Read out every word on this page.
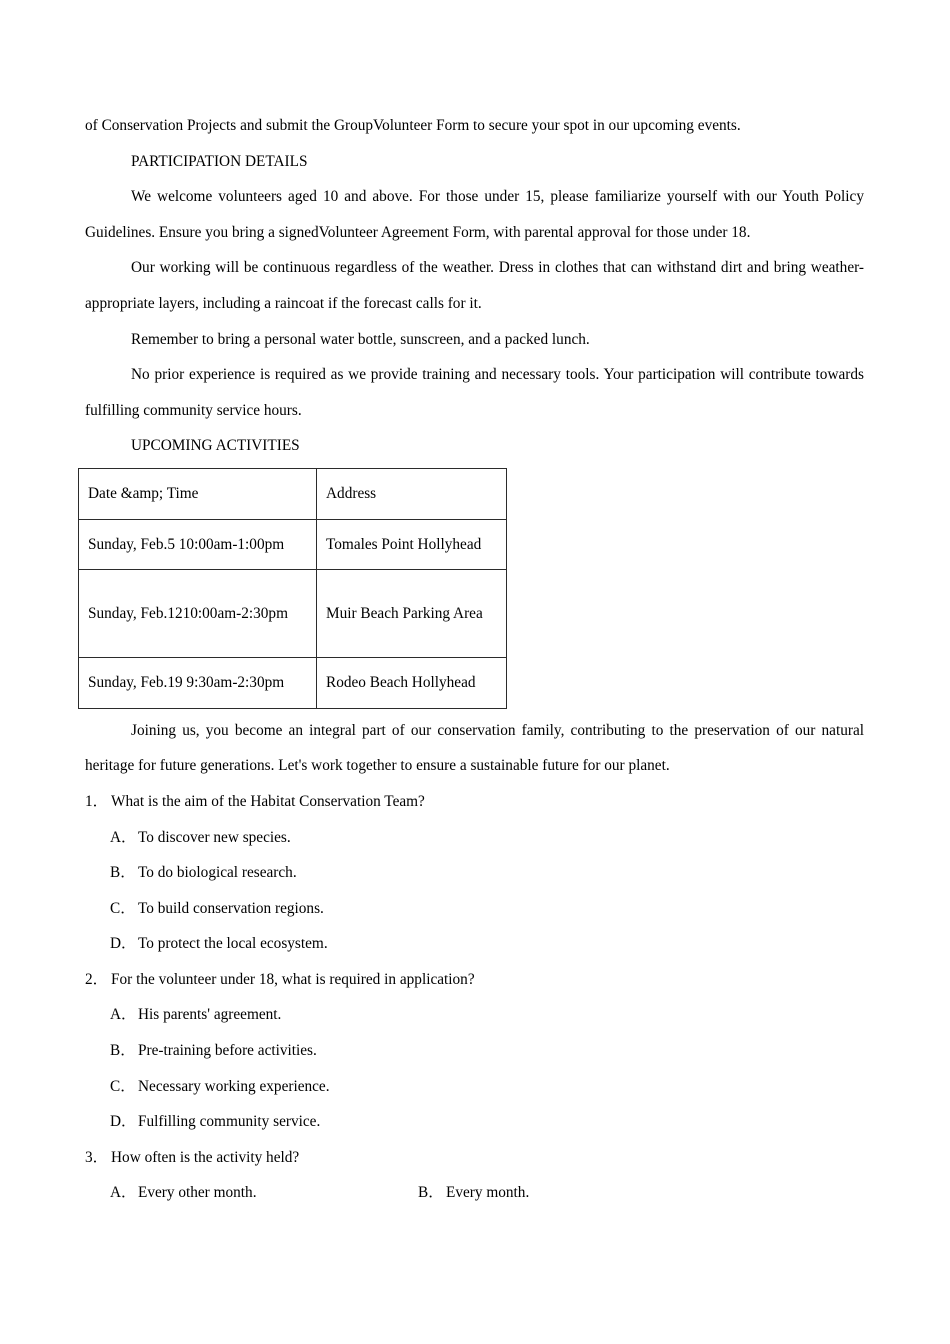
of Conservation Projects and submit the GroupVolunteer Form to secure your spot in our upcoming events.

PARTICIPATION DETAILS

We welcome volunteers aged 10 and above. For those under 15, please familiarize yourself with our Youth Policy Guidelines. Ensure you bring a signedVolunteer Agreement Form, with parental approval for those under 18.

Our working will be continuous regardless of the weather. Dress in clothes that can withstand dirt and bring weather-appropriate layers, including a raincoat if the forecast calls for it.

Remember to bring a personal water bottle, sunscreen, and a packed lunch.

No prior experience is required as we provide training and necessary tools. Your participation will contribute towards fulfilling community service hours.

UPCOMING ACTIVITIES

Date &amp; Time	Address
Sunday, Feb.5 10:00am-1:00pm	Tomales Point Hollyhead
Sunday, Feb.1210:00am-2:30pm	Muir Beach Parking Area
Sunday, Feb.19 9:30am-2:30pm	Rodeo Beach Hollyhead

Joining us, you become an integral part of our conservation family, contributing to the preservation of our natural heritage for future generations. Let's work together to ensure a sustainable future for our planet.

1． What is the aim of the Habitat Conservation Team?
A． To discover new species.
B． To do biological research.
C． To build conservation regions.
D． To protect the local ecosystem.
2． For the volunteer under 18, what is required in application?
A． His parents' agreement.
B． Pre-training before activities.
C． Necessary working experience.
D． Fulfilling community service.
3． How often is the activity held?
A． Every other month.	B． Every month.
